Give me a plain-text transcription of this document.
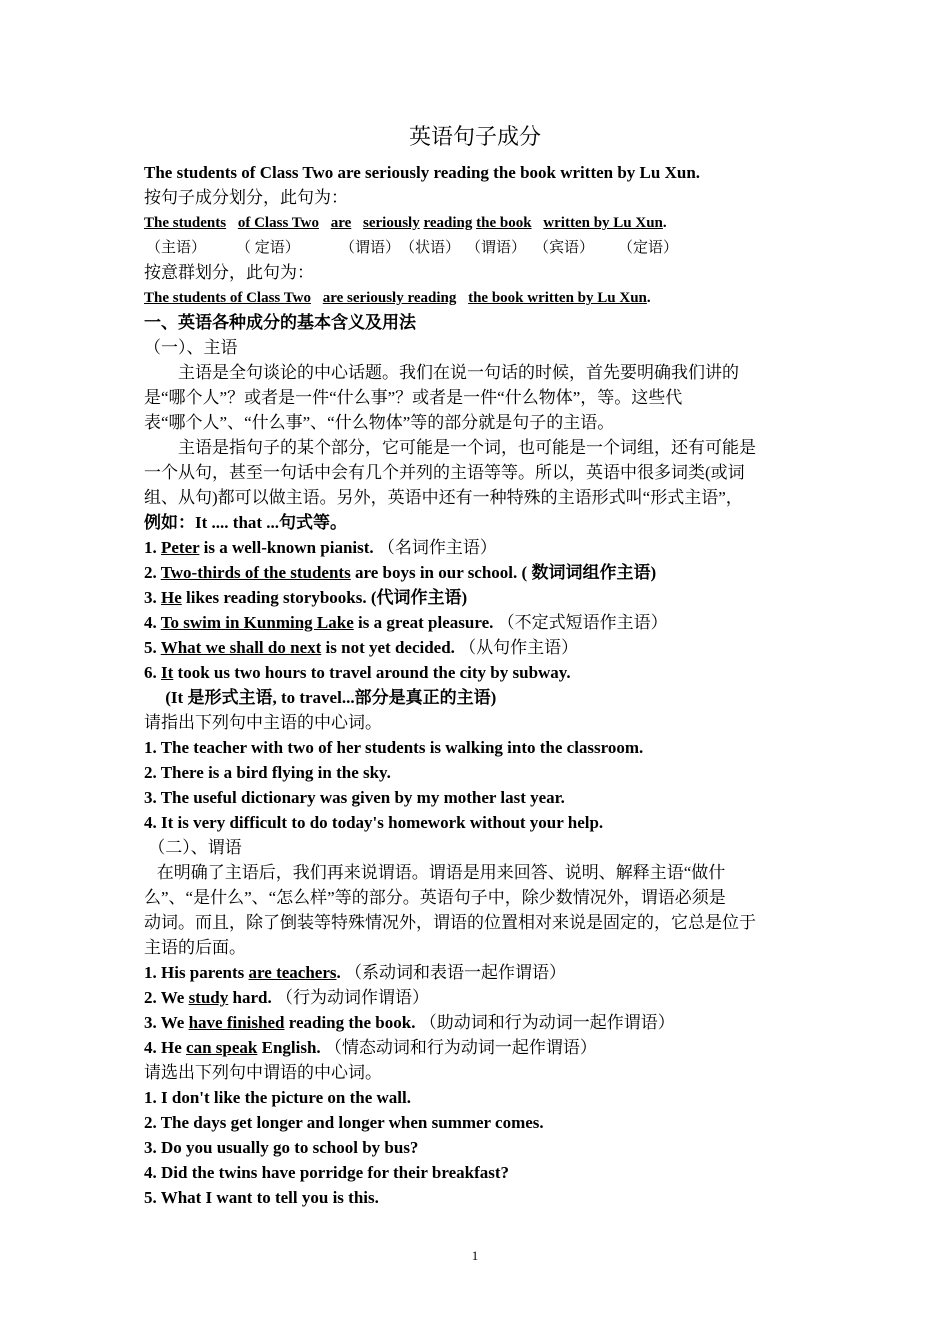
英语句子成分
The students of Class Two are seriously reading the book written by Lu Xun.
按句子成分划分，此句为：
The students of Class Two are seriously reading the book written by Lu Xun.
（主语） （ 定语）	（谓语） （状语） （谓语） （宾语） （定语）
按意群划分，此句为：
The students of Class Two are seriously reading the book written by Lu Xun.
一、英语各种成分的基本含义及用法
（一）、主语
　　主语是全句谈论的中心话题。我们在说一句话的时候，首先要明确我们讲的
是“哪个人”？或者是一件“什么事”？或者是一件“什么物体”，等。这些代
表“哪个人”、“什么事”、“什么物体”等的部分就是句子的主语。
　　主语是指句子的某个部分，它可能是一个词，也可能是一个词组，还有可能是
一个从句，甚至一句话中会有几个并列的主语等等。所以，英语中很多词类(或词
组、从句)都可以做主语。另外，英语中还有一种特殊的主语形式叫“形式主语”，
例如：It .... that ...句式等。
1. Peter is a well-known pianist. （名词作主语）
2. Two-thirds of the students are boys in our school. ( 数词词组作主语)
3. He likes reading storybooks. (代词作主语)
4. To swim in Kunming Lake is a great pleasure. （不定式短语作主语）
5. What we shall do next is not yet decided. （从句作主语）
6. It took us two hours to travel around the city by subway.
(It 是形式主语, to travel...部分是真正的主语)
请指出下列句中主语的中心词。
1. The teacher with two of her students is walking into the classroom.
2. There is a bird flying in the sky.
3. The useful dictionary was given by my mother last year.
4. It is very difficult to do today's homework without your help.
（二）、谓语
在明确了主语后，我们再来说谓语。谓语是用来回答、说明、解释主语“做什
么”、“是什么”、“怎么样”等的部分。英语句子中，除少数情况外，谓语必须是
动词。而且，除了倒装等特殊情况外，谓语的位置相对来说是固定的，它总是位于
主语的后面。
1. His parents are teachers. （系动词和表语一起作谓语）
2. We study hard. （行为动词作谓语）
3. We have finished reading the book. （助动词和行为动词一起作谓语）
4. He can speak English. （情态动词和行为动词一起作谓语）
请选出下列句中谓语的中心词。
1. I don't like the picture on the wall.
2. The days get longer and longer when summer comes.
3. Do you usually go to school by bus?
4. Did the twins have porridge for their breakfast?
5. What I want to tell you is this.
1
